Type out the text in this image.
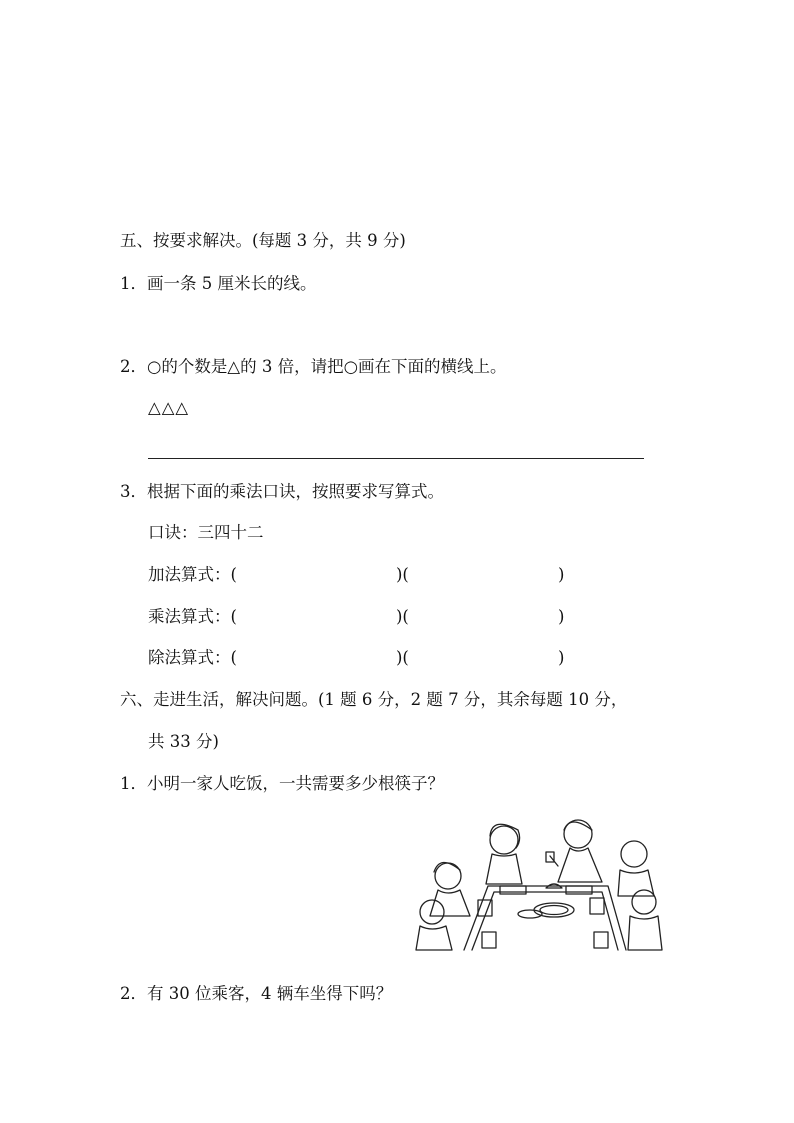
五、按要求解决。(每题 3 分，共 9 分)
1．画一条 5 厘米长的线。
2．○的个数是△的 3 倍，请把○画在下面的横线上。
△△△
3．根据下面的乘法口诀，按照要求写算式。
口诀：三四十二
加法算式：(	)(	)
乘法算式：(	)(	)
除法算式：(	)(	)
六、走进生活，解决问题。(1 题 6 分，2 题 7 分，其余每题 10 分，
共 33 分)
1．小明一家人吃饭，一共需要多少根筷子？
2．有 30 位乘客，4 辆车坐得下吗？
